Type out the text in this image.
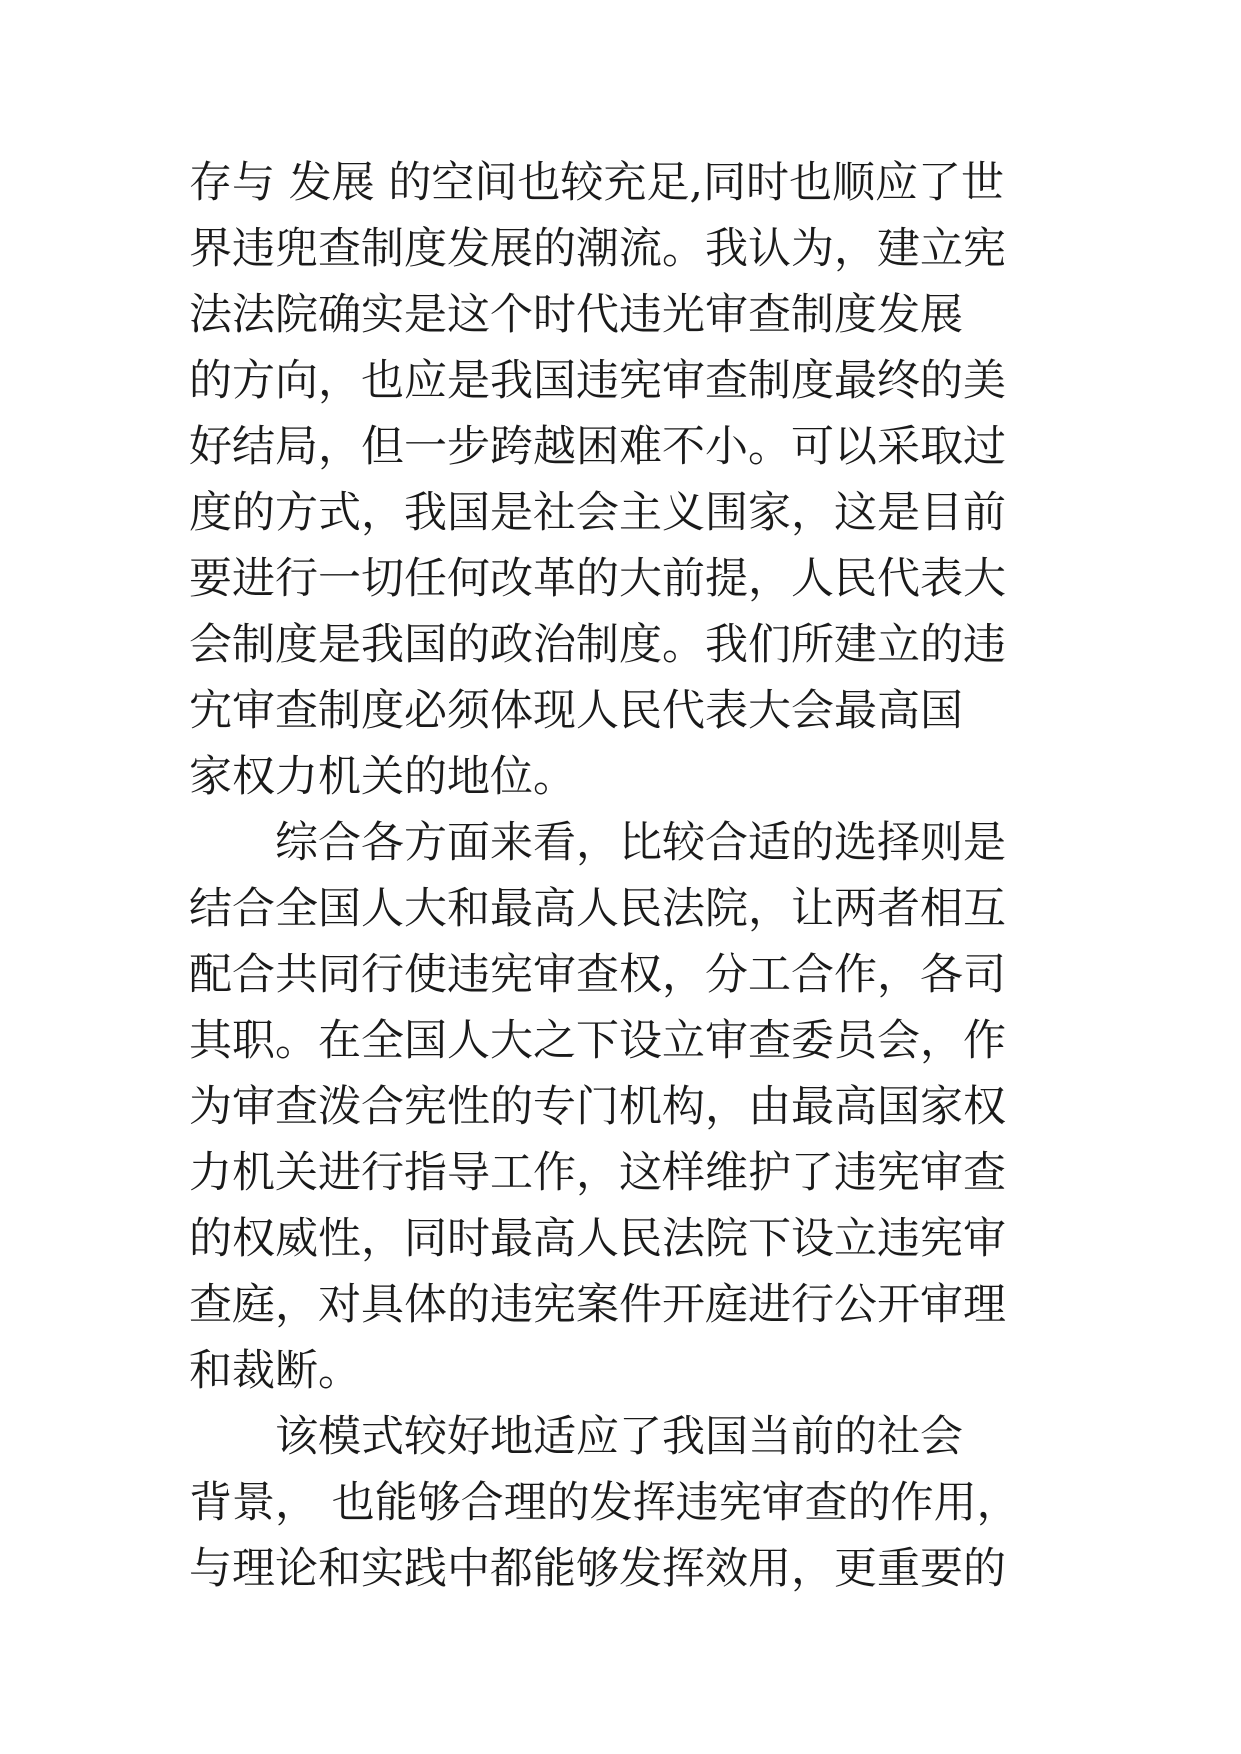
存与 发展 的空间也较充足,同时也顺应了世
界违兜查制度发展的潮流。我认为，建立宪
法法院确实是这个时代违光审查制度发展
的方向，也应是我国违宪审查制度最终的美
好结局，但一步跨越困难不小。可以采取过
度的方式，我国是社会主义围家，这是目前
要进行一切任何改革的大前提，人民代表大
会制度是我国的政治制度。我们所建立的违
宄审查制度必须体现人民代表大会最高国
家权力机关的地位。
综合各方面来看，比较合适的选择则是
结合全国人大和最高人民法院，让两者相互
配合共同行使违宪审查权，分工合作，各司
其职。在全国人大之下设立审查委员会，作
为审查泼合宪性的专门机构，由最高国家权
力机关进行指导工作，这样维护了违宪审查
的权威性，同时最高人民法院下设立违宪审
查庭，对具体的违宪案件开庭进行公开审理
和裁断。
该模式较好地适应了我国当前的社会
背景， 也能够合理的发挥违宪审查的作用，
与理论和实践中都能够发挥效用，更重要的
